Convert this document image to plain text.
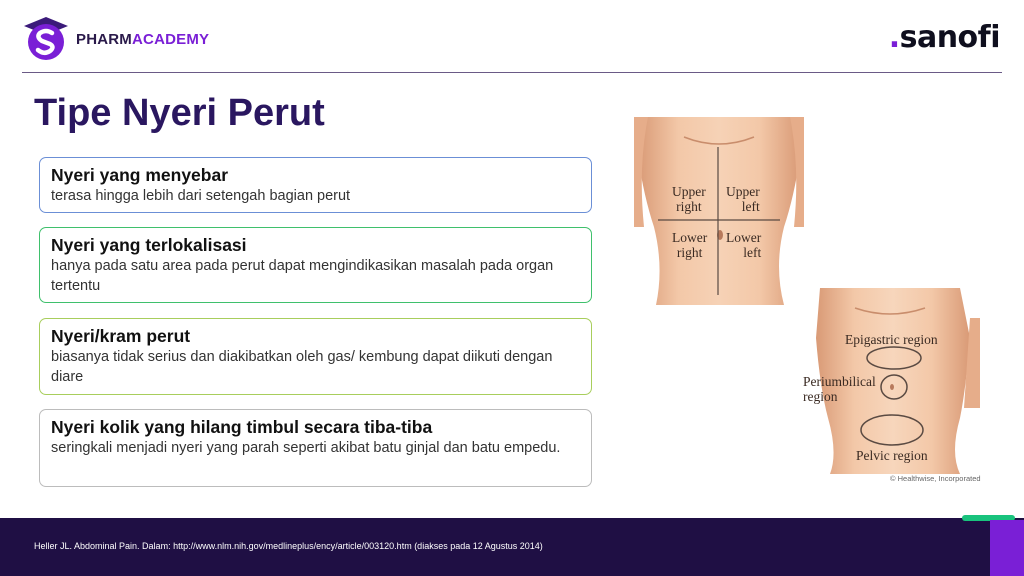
PHARMACADEMY	.sanofi
Tipe Nyeri Perut
Nyeri yang menyebar

terasa hingga lebih dari setengah bagian perut

Nyeri yang terlokalisasi

hanya pada satu area pada perut dapat mengindikasikan masalah pada organ tertentu

Nyeri/kram perut

biasanya tidak serius dan diakibatkan oleh gas/ kembung dapat diikuti dengan diare

Nyeri kolik yang hilang timbul secara tiba-tiba

seringkali menjadi nyeri yang parah seperti akibat batu ginjal dan batu empedu.

Upper
right
Upper
left
Lower
right
Lower
left
Epigastric region
Periumbilical
region
Pelvic region
© Healthwise, Incorporated
Heller JL. Abdominal Pain. Dalam: http://www.nlm.nih.gov/medlineplus/ency/article/003120.htm (diakses pada 12 Agustus 2014)
